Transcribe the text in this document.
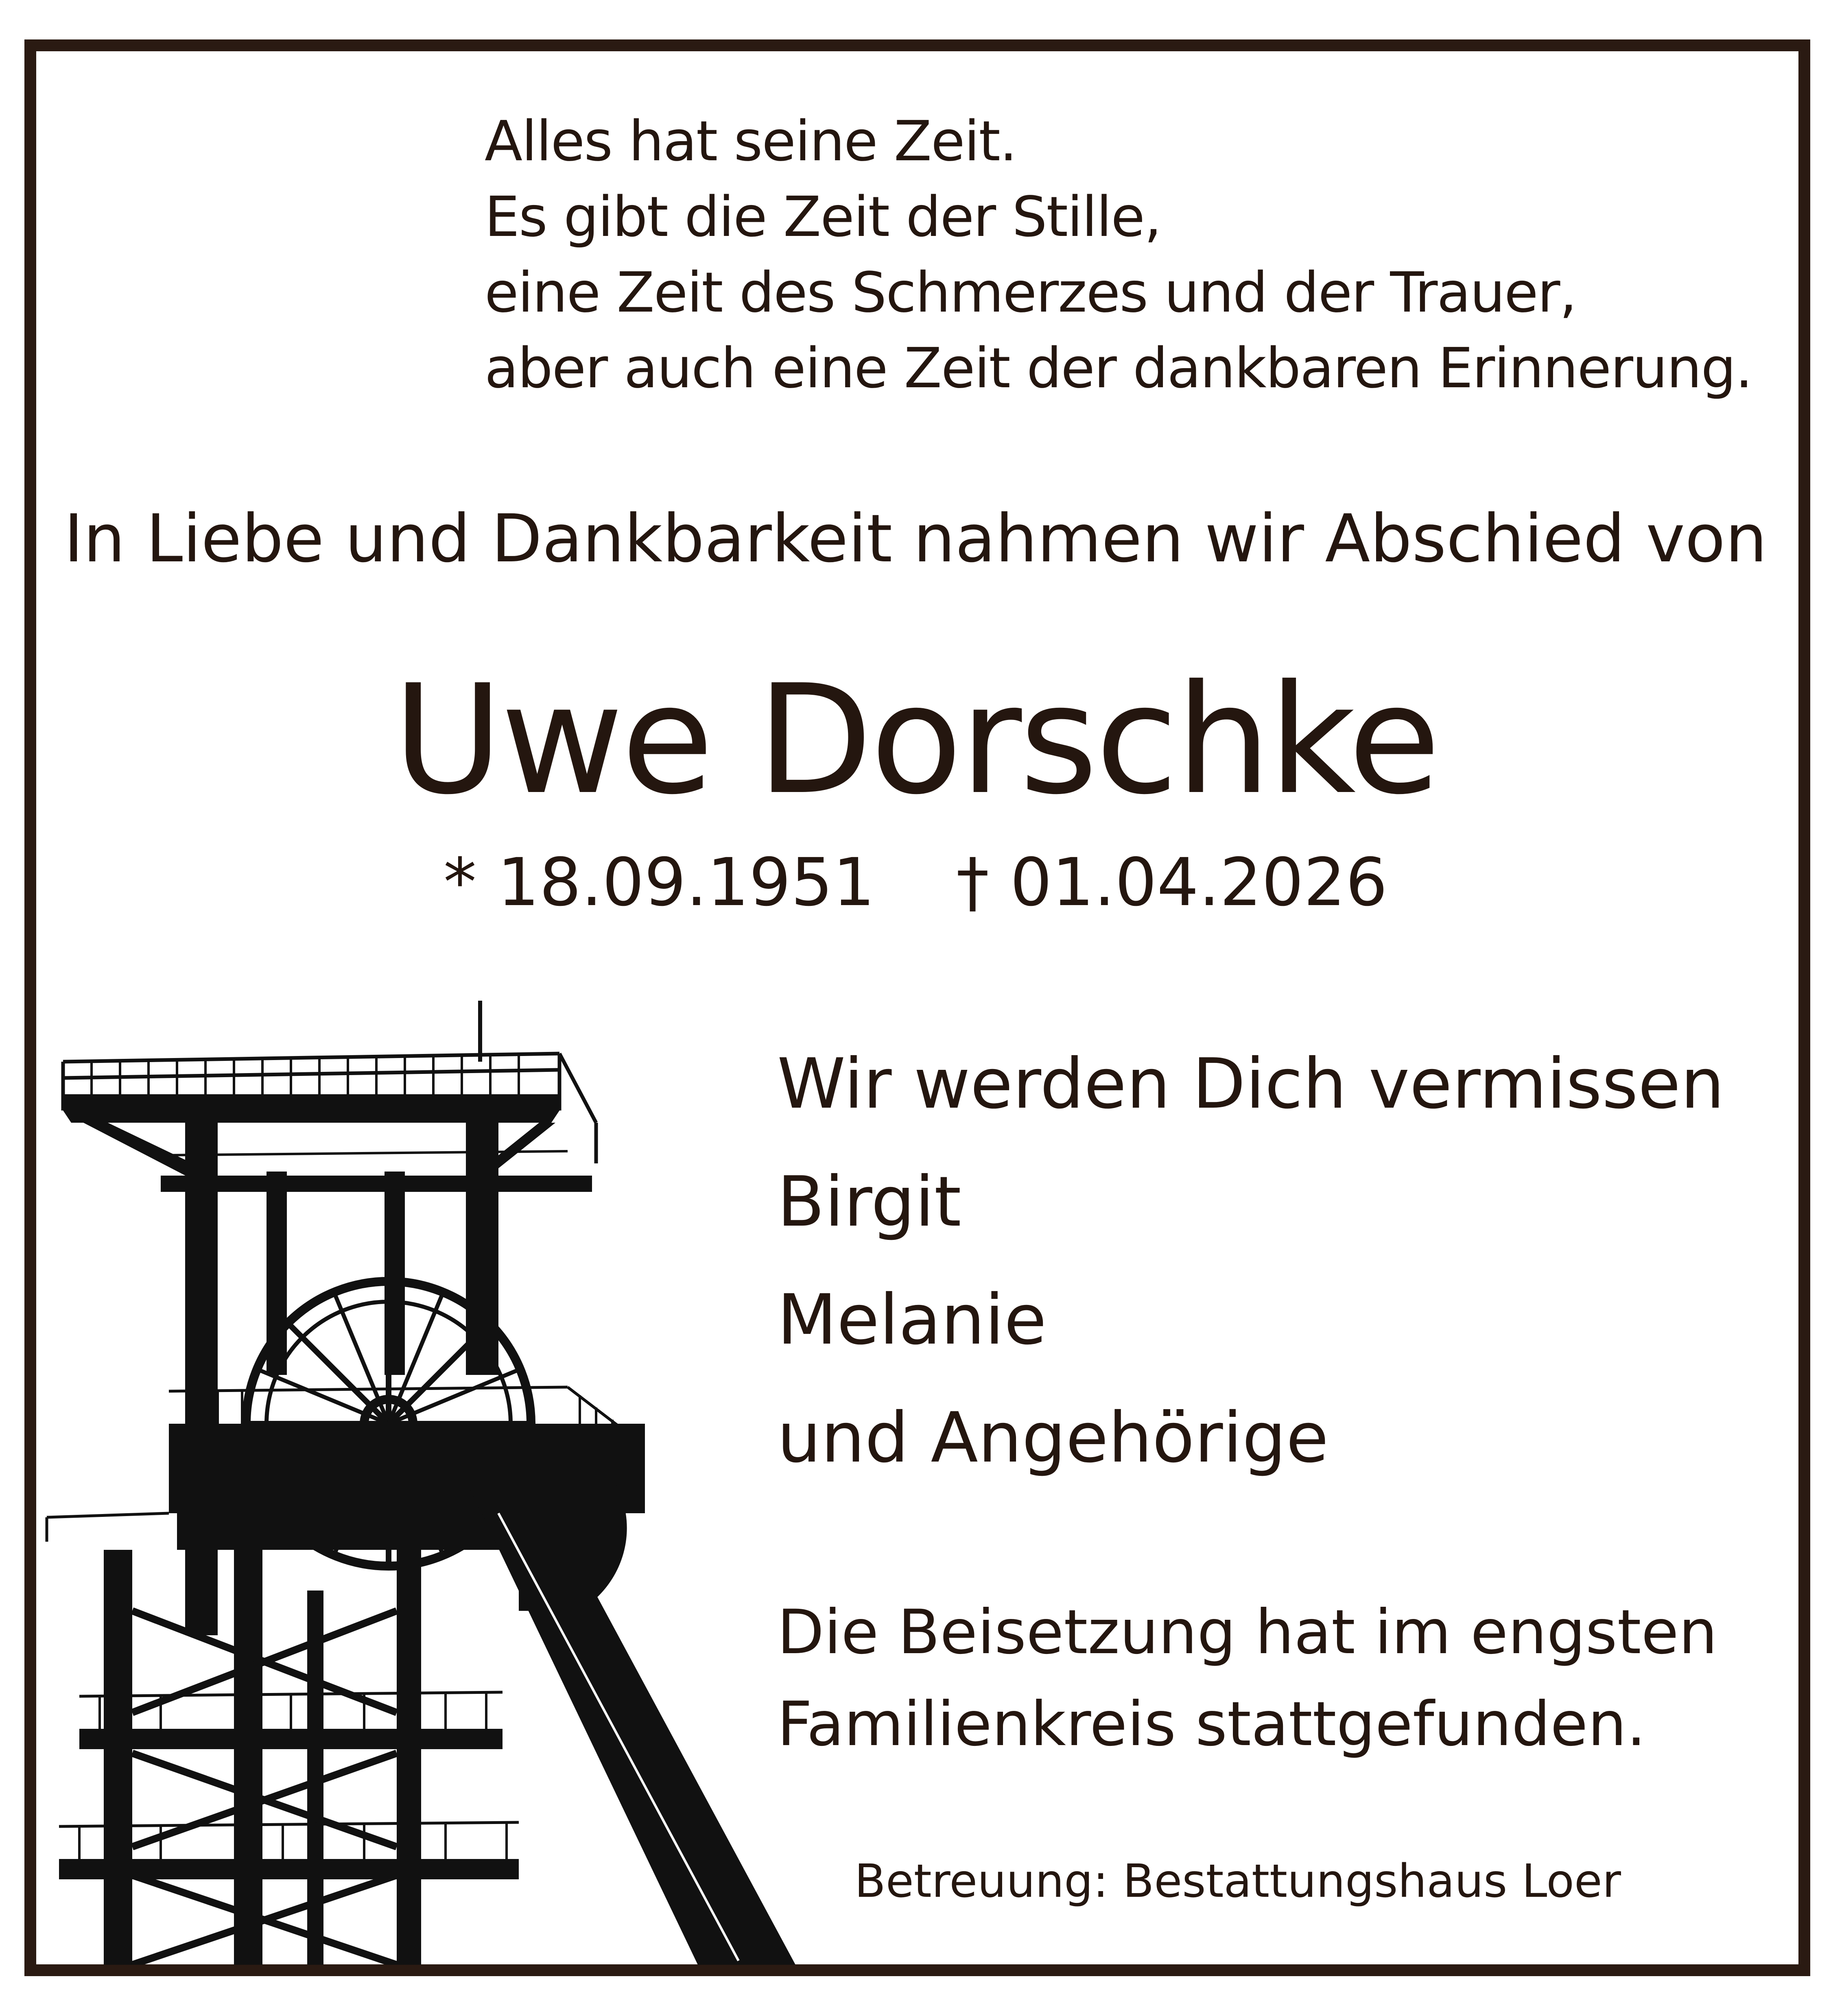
Alles hat seine Zeit.
Es gibt die Zeit der Stille,
eine Zeit des Schmerzes und der Trauer,
aber auch eine Zeit der dankbaren Erinnerung.
In Liebe und Dankbarkeit nahmen wir Abschied von
Uwe Dorschke
* 18.09.1951 † 01.04.2026
Wir werden Dich vermissen
Birgit
Melanie
und Angehörige
Die Beisetzung hat im engsten
Familienkreis stattgefunden.
Betreuung: Bestattungshaus Loer
